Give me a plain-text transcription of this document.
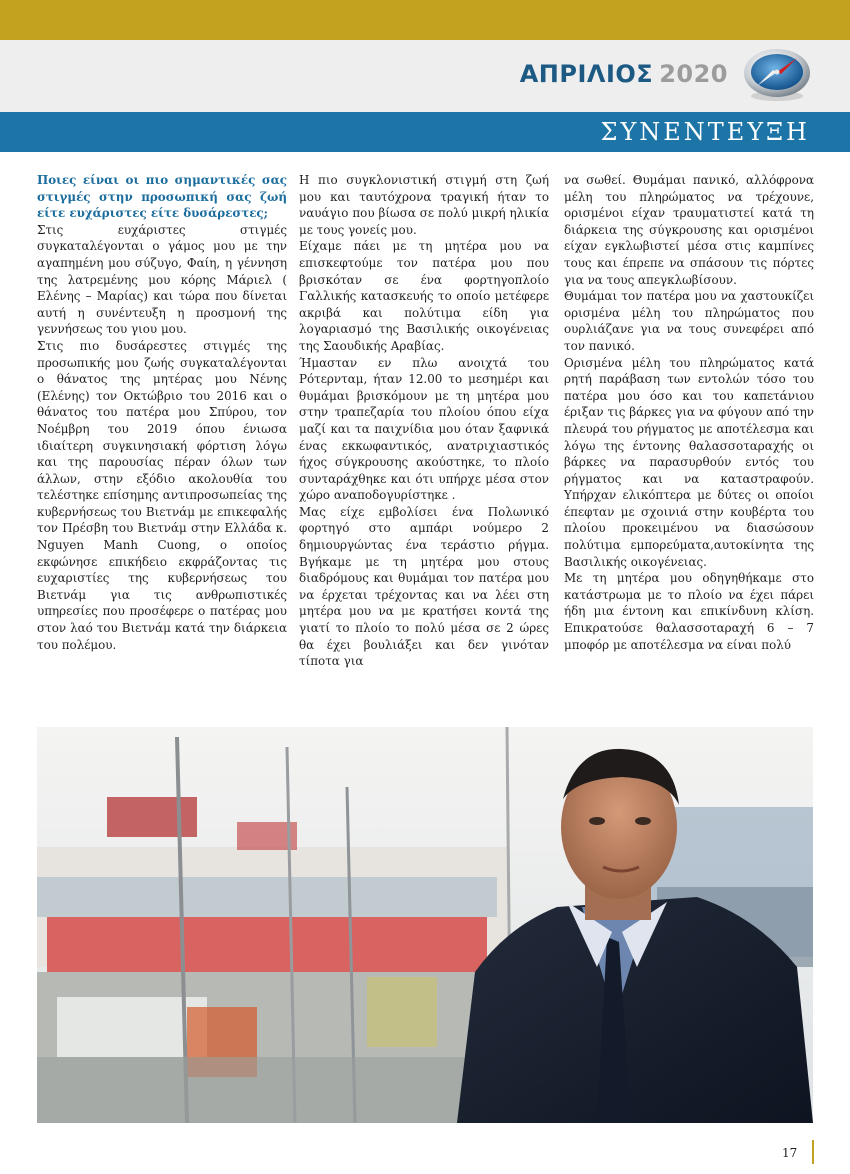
ΑΠΡΙΛΙΟΣ 2020
ΣΥΝΕΝΤΕΥΞΗ

Ποιες είναι οι πιο σημαντικές σας στιγμές στην προσωπική σας ζωή είτε ευχάριστες είτε δυσάρεστες;

Στις ευχάριστες στιγμές συγκαταλέγονται ο γάμος μου με την αγαπημένη μου σύζυγο, Φαίη, η γέννηση της λατρεμένης μου κόρης Μάριελ ( Ελένης – Μαρίας) και τώρα που δίνεται αυτή η συνέντευξη η προσμονή της γεννήσεως του γιου μου.

Στις πιο δυσάρεστες στιγμές της προσωπικής μου ζωής συγκαταλέγονται ο θάνατος της μητέρας μου Νένης (Ελένης) τον Οκτώβριο του 2016 και ο θάνατος του πατέρα μου Σπύρου, τον Νοέμβρη του 2019 όπου ένιωσα ιδιαίτερη συγκινησιακή φόρτιση λόγω και της παρουσίας πέραν όλων των άλλων, στην εξόδιο ακολουθία του τελέστηκε επίσημης αντιπροσωπείας της κυβερνήσεως του Βιετνάμ με επικεφαλής τον Πρέσβη του Βιετνάμ στην Ελλάδα κ. Nguyen Manh Cuong, ο οποίος εκφώνησε επικήδειο εκφράζοντας τις ευχαριστίες της κυβερνήσεως του Βιετνάμ για τις ανθρωπιστικές υπηρεσίες που προσέφερε ο πατέρας μου στον λαό του Βιετνάμ κατά την διάρκεια του πολέμου.

Η πιο συγκλονιστική στιγμή στη ζωή μου και ταυτόχρονα τραγική ήταν το ναυάγιο που βίωσα σε πολύ μικρή ηλικία με τους γονείς μου.

Είχαμε πάει με τη μητέρα μου να επισκεφτούμε τον πατέρα μου που βρισκόταν σε ένα φορτηγοπλοίο Γαλλικής κατασκευής το οποίο μετέφερε ακριβά και πολύτιμα είδη για λογαριασμό της Βασιλικής οικογένειας της Σαουδικής Αραβίας.

Ήμασταν εν πλω ανοιχτά του Ρότερνταμ, ήταν 12.00 το μεσημέρι και θυμάμαι βρισκόμουν με τη μητέρα μου στην τραπεζαρία του πλοίου όπου είχα μαζί και τα παιχνίδια μου όταν ξαφνικά ένας εκκωφαντικός, ανατριχιαστικός ήχος σύγκρουσης ακούστηκε, το πλοίο συνταράχθηκε και ότι υπήρχε μέσα στον χώρο αναποδογυρίστηκε .

Μας είχε εμβολίσει ένα Πολωνικό φορτηγό στο αμπάρι νούμερο 2 δημιουργώντας ένα τεράστιο ρήγμα. Βγήκαμε με τη μητέρα μου στους διαδρόμους και θυμάμαι τον πατέρα μου να έρχεται τρέχοντας και να λέει στη μητέρα μου να με κρατήσει κοντά της γιατί το πλοίο το πολύ μέσα σε 2 ώρες θα έχει βουλιάξει και δεν γινόταν τίποτα για

να σωθεί. Θυμάμαι πανικό, αλλόφρονα μέλη του πληρώματος να τρέχουνε, ορισμένοι είχαν τραυματιστεί κατά τη διάρκεια της σύγκρουσης και ορισμένοι είχαν εγκλωβιστεί μέσα στις καμπίνες τους και έπρεπε να σπάσουν τις πόρτες για να τους απεγκλωβίσουν.

Θυμάμαι τον πατέρα μου να χαστουκίζει ορισμένα μέλη του πληρώματος που ουρλιάζανε για να τους συνεφέρει από τον πανικό.

Ορισμένα μέλη του πληρώματος κατά ρητή παράβαση των εντολών τόσο του πατέρα μου όσο και του καπετάνιου έριξαν τις βάρκες για να φύγουν από την πλευρά του ρήγματος με αποτέλεσμα και λόγω της έντονης θαλασσοταραχής οι βάρκες να παρασυρθούν εντός του ρήγματος και να καταστραφούν. Υπήρχαν ελικόπτερα με δύτες οι οποίοι έπεφταν με σχοινιά στην κουβέρτα του πλοίου προκειμένου να διασώσουν πολύτιμα εμπορεύματα,αυτοκίνητα της Βασιλικής οικογένειας.

Με τη μητέρα μου οδηγηθήκαμε στο κατάστρωμα με το πλοίο να έχει πάρει ήδη μια έντονη και επικίνδυνη κλίση. Επικρατούσε θαλασσοταραχή 6 – 7 μποφόρ με αποτέλεσμα να είναι πολύ

17
